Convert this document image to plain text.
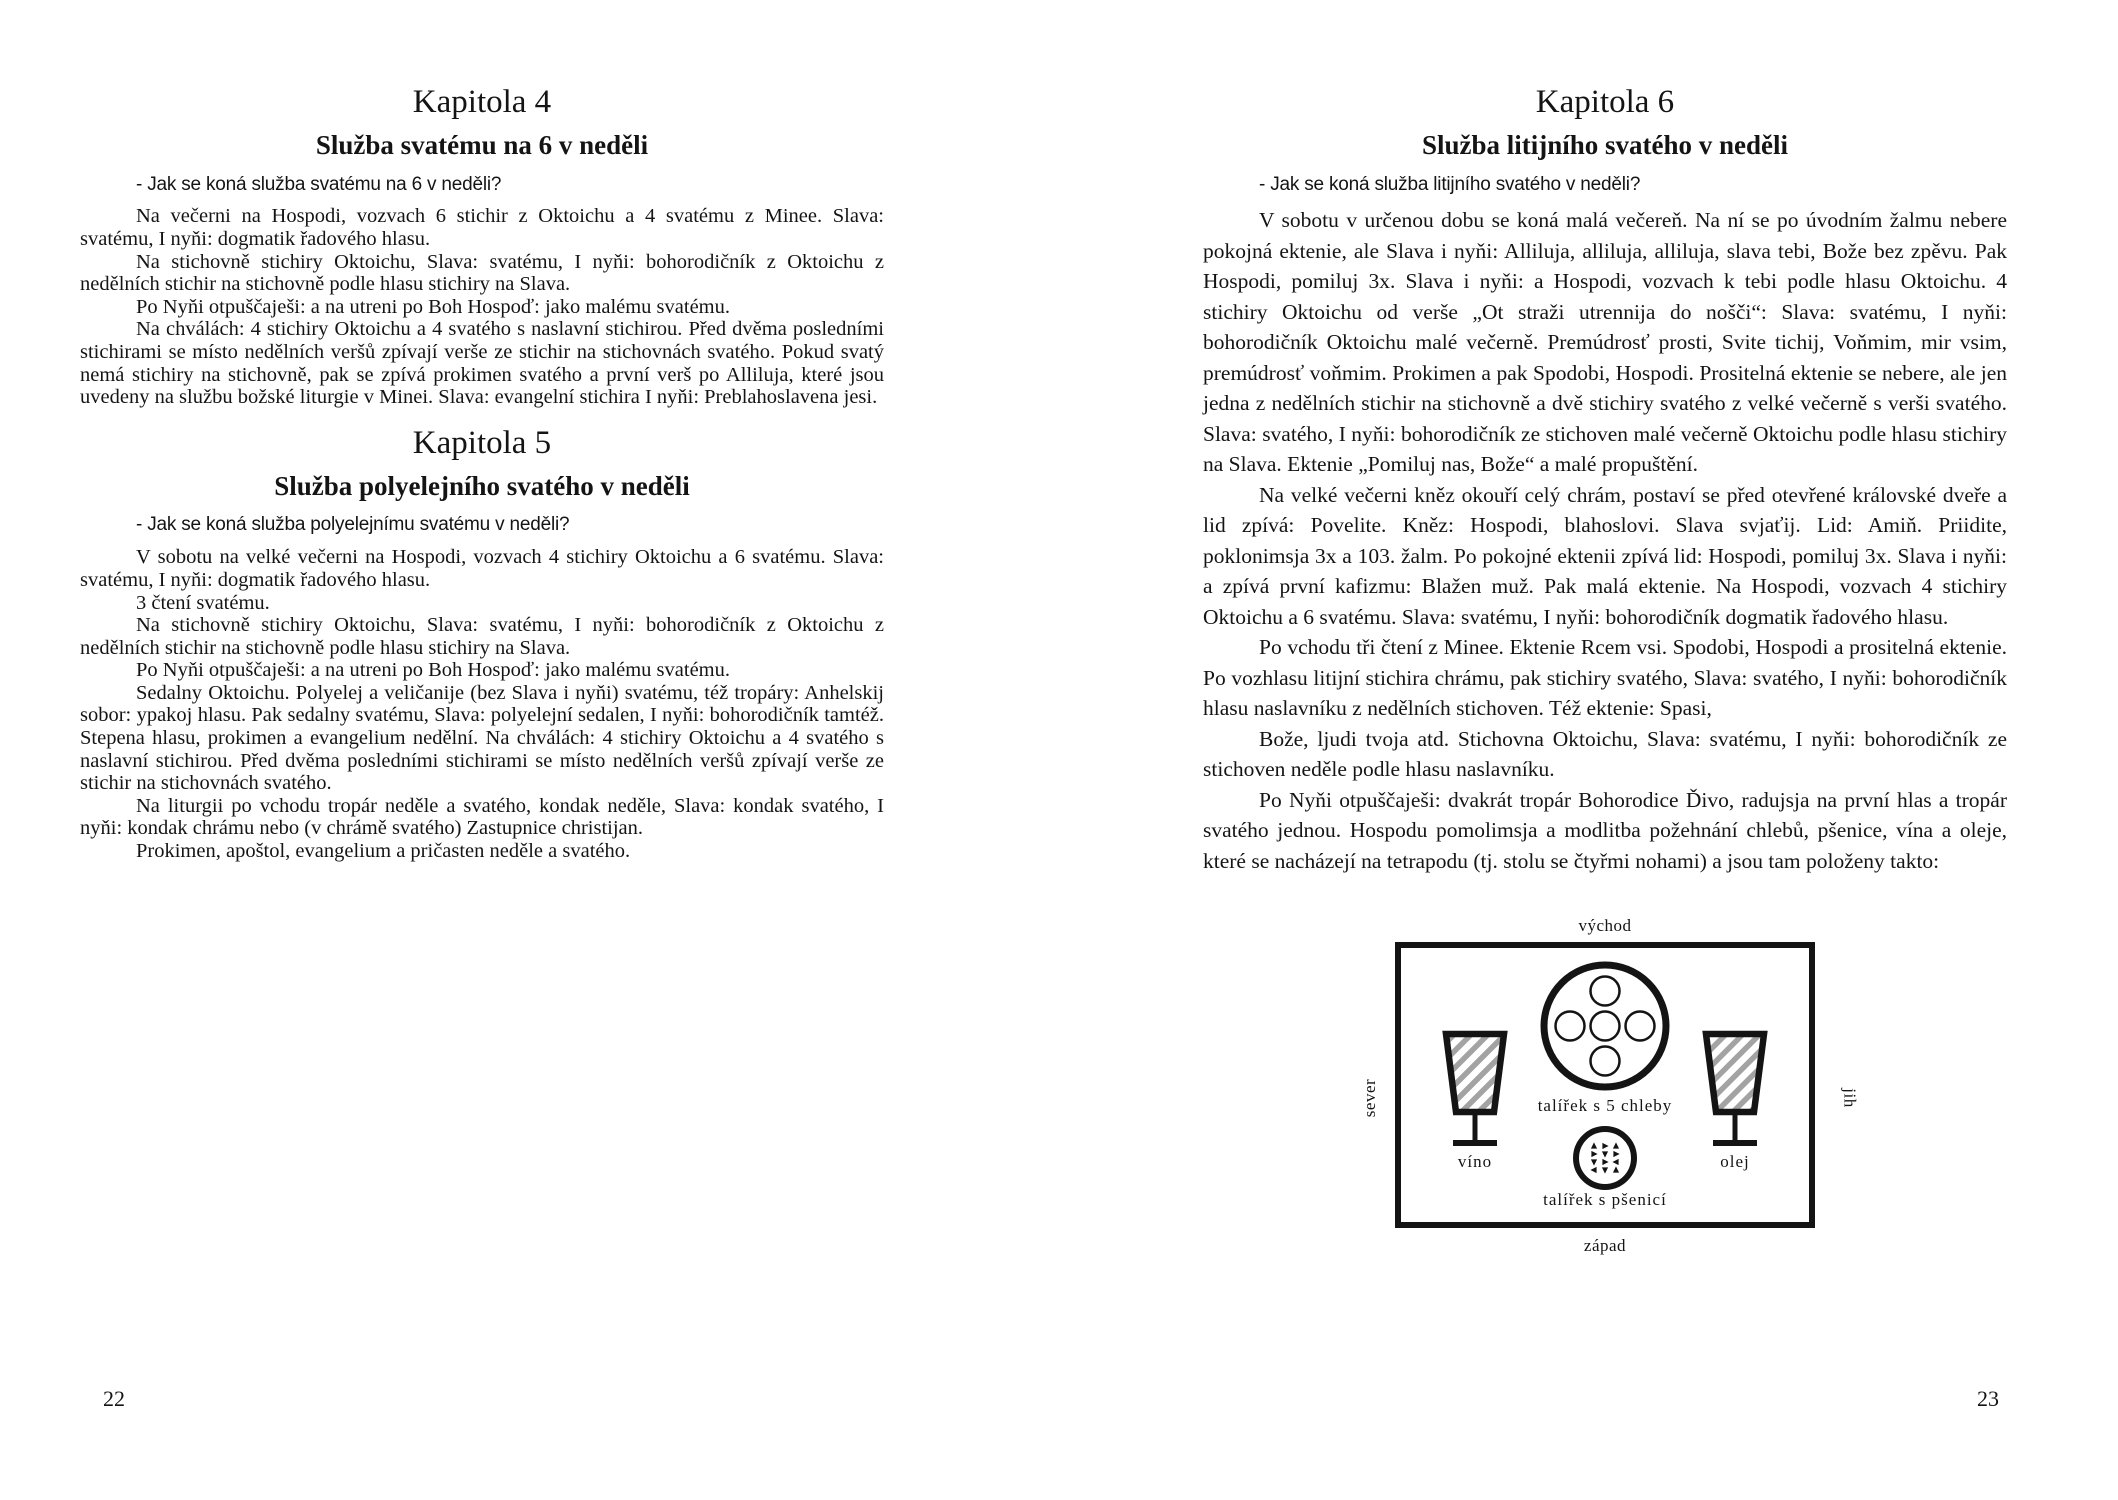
Kapitola 4
Služba svatému na 6 v neděli

- Jak se koná služba svatému na 6 v neděli?

Na večerni na Hospodi, vozvach 6 stichir z Oktoichu a 4 svatému z Minee. Slava: svatému, I nyňi: dogmatik řadového hlasu.

Na stichovně stichiry Oktoichu, Slava: svatému, I nyňi: bohorodičník z Oktoichu z nedělních stichir na stichovně podle hlasu stichiry na Slava.

Po Nyňi otpuščaješi: a na utreni po Boh Hospoď: jako malému svatému.

Na chválách: 4 stichiry Oktoichu a 4 svatého s naslavní stichirou. Před dvěma posledními stichirami se místo nedělních veršů zpívají verše ze stichir na stichovnách svatého. Pokud svatý nemá stichiry na stichovně, pak se zpívá prokimen svatého a první verš po Alliluja, které jsou uvedeny na službu božské liturgie v Minei. Slava: evangelní stichira I nyňi: Preblahoslavena jesi.

Kapitola 5
Služba polyelejního svatého v neděli

- Jak se koná služba polyelejnímu svatému v neděli?

V sobotu na velké večerni na Hospodi, vozvach 4 stichiry Oktoichu a 6 svatému. Slava: svatému, I nyňi: dogmatik řadového hlasu.

3 čtení svatému.

Na stichovně stichiry Oktoichu, Slava: svatému, I nyňi: bohorodičník z Oktoichu z nedělních stichir na stichovně podle hlasu stichiry na Slava.

Po Nyňi otpuščaješi: a na utreni po Boh Hospoď: jako malému svatému.

Sedalny Oktoichu. Polyelej a veličanije (bez Slava i nyňi) svatému, též tropáry: Anhelskij sobor: ypakoj hlasu. Pak sedalny svatému, Slava: polyelejní sedalen, I nyňi: bohorodičník tamtéž. Stepena hlasu, prokimen a evangelium nedělní. Na chválách: 4 stichiry Oktoichu a 4 svatého s naslavní stichirou. Před dvěma posledními stichirami se místo nedělních veršů zpívají verše ze stichir na stichovnách svatého.

Na liturgii po vchodu tropár neděle a svatého, kondak neděle, Slava: kondak svatého, I nyňi: kondak chrámu nebo (v chrámě svatého) Zastupnice christijan.

Prokimen, apoštol, evangelium a pričasten neděle a svatého.

22
Kapitola 6
Služba litijního svatého v neděli

- Jak se koná služba litijního svatého v neděli?

V sobotu v určenou dobu se koná malá večereň. Na ní se po úvodním žalmu nebere pokojná ektenie, ale Slava i nyňi: Alliluja, alliluja, alliluja, slava tebi, Bože bez zpěvu. Pak Hospodi, pomiluj 3x. Slava i nyňi: a Hospodi, vozvach k tebi podle hlasu Oktoichu. 4 stichiry Oktoichu od verše „Ot straži utrennija do nošči“: Slava: svatému, I nyňi: bohorodičník Oktoichu malé večerně. Premúdrosť prosti, Svite tichij, Voňmim, mir vsim, premúdrosť voňmim. Prokimen a pak Spodobi, Hospodi. Prositelná ektenie se nebere, ale jen jedna z nedělních stichir na stichovně a dvě stichiry svatého z velké večerně s verši svatého. Slava: svatého, I nyňi: bohorodičník ze stichoven malé večerně Oktoichu podle hlasu stichiry na Slava. Ektenie „Pomiluj nas, Bože“ a malé propuštění.

Na velké večerni kněz okouří celý chrám, postaví se před otevřené královské dveře a lid zpívá: Povelite. Kněz: Hospodi, blahoslovi. Slava svjaťij. Lid: Amiň. Priidite, poklonimsja 3x a 103. žalm. Po pokojné ektenii zpívá lid: Hospodi, pomiluj 3x. Slava i nyňi: a zpívá první kafizmu: Blažen muž. Pak malá ektenie. Na Hospodi, vozvach 4 stichiry Oktoichu a 6 svatému. Slava: svatému, I nyňi: bohorodičník dogmatik řadového hlasu.

Po vchodu tři čtení z Minee. Ektenie Rcem vsi. Spodobi, Hospodi a prositelná ektenie. Po vozhlasu litijní stichira chrámu, pak stichiry svatého, Slava: svatého, I nyňi: bohorodičník hlasu naslavníku z nedělních stichoven. Též ektenie: Spasi,

Bože, ljudi tvoja atd. Stichovna Oktoichu, Slava: svatému, I nyňi: bohorodičník ze stichoven neděle podle hlasu naslavníku.

Po Nyňi otpuščaješi: dvakrát tropár Bohorodice Ďivo, radujsja na první hlas a tropár svatého jednou. Hospodu pomolimsja a modlitba požehnání chlebů, pšenice, vína a oleje, které se nacházejí na tetrapodu (tj. stolu se čtyřmi nohami) a jsou tam položeny takto:

východ
talířek s 5 chleby
víno	olej
talířek s pšenicí
západ
sever	jih
23
